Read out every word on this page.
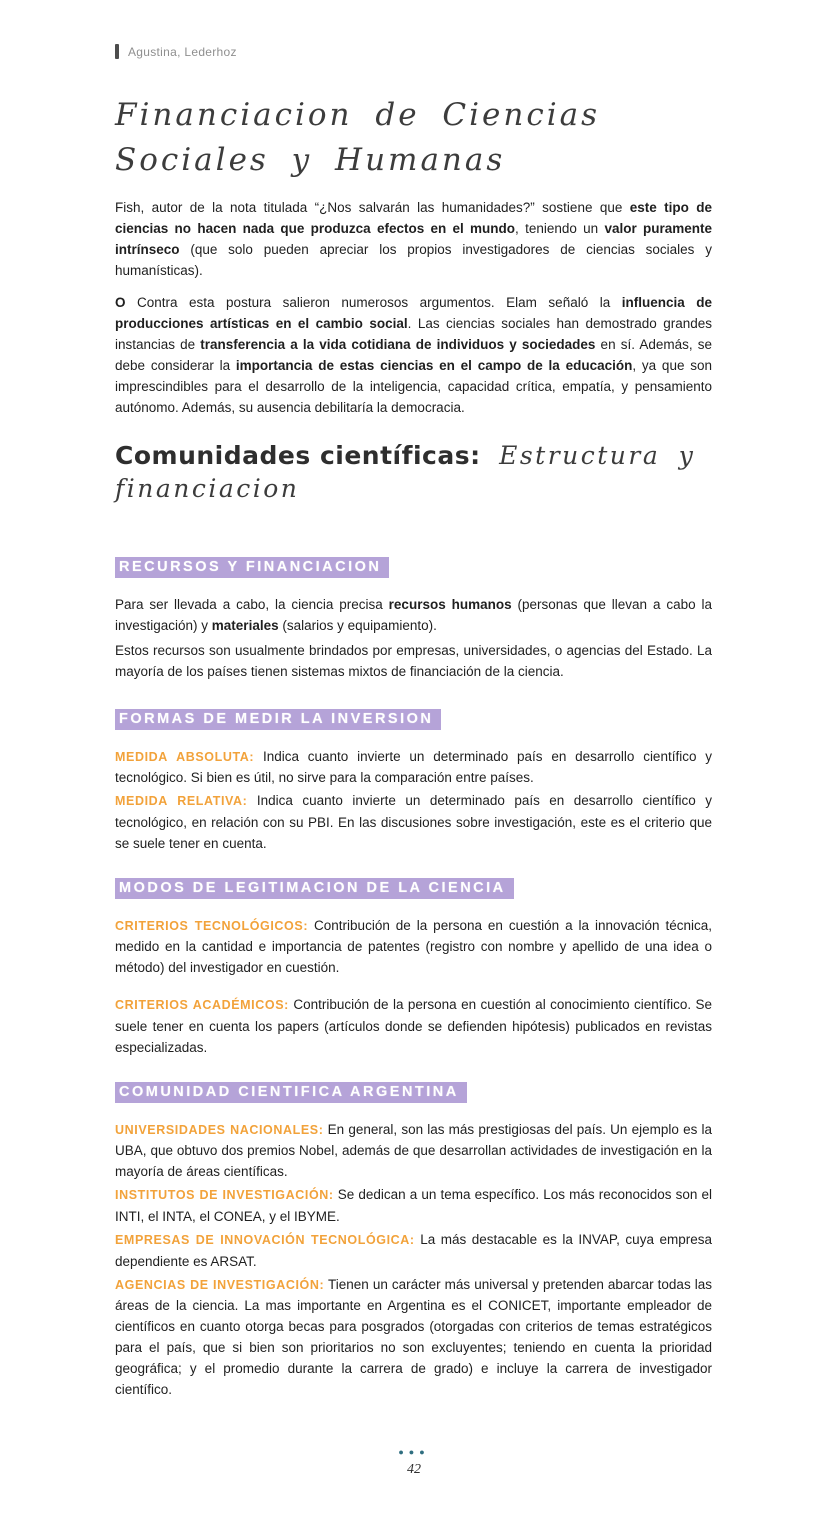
Agustina, Lederhoz
Financiacion de Ciencias Sociales y Humanas

Fish, autor de la nota titulada “¿Nos salvarán las humanidades?” sostiene que este tipo de ciencias no hacen nada que produzca efectos en el mundo, teniendo un valor puramente intrínseco (que solo pueden apreciar los propios investigadores de ciencias sociales y humanísticas).

O Contra esta postura salieron numerosos argumentos. Elam señaló la influencia de producciones artísticas en el cambio social. Las ciencias sociales han demostrado grandes instancias de transferencia a la vida cotidiana de individuos y sociedades en sí. Además, se debe considerar la importancia de estas ciencias en el campo de la educación, ya que son imprescindibles para el desarrollo de la inteligencia, capacidad crítica, empatía, y pensamiento autónomo. Además, su ausencia debilitaría la democracia.

Comunidades científicas: Estructura y financiacion
RECURSOS Y FINANCIACION

Para ser llevada a cabo, la ciencia precisa recursos humanos (personas que llevan a cabo la investigación) y materiales (salarios y equipamiento).

Estos recursos son usualmente brindados por empresas, universidades, o agencias del Estado. La mayoría de los países tienen sistemas mixtos de financiación de la ciencia.

FORMAS DE MEDIR LA INVERSION

MEDIDA ABSOLUTA: Indica cuanto invierte un determinado país en desarrollo científico y tecnológico. Si bien es útil, no sirve para la comparación entre países.

MEDIDA RELATIVA: Indica cuanto invierte un determinado país en desarrollo científico y tecnológico, en relación con su PBI. En las discusiones sobre investigación, este es el criterio que se suele tener en cuenta.

MODOS DE LEGITIMACION DE LA CIENCIA

CRITERIOS TECNOLÓGICOS: Contribución de la persona en cuestión a la innovación técnica, medido en la cantidad e importancia de patentes (registro con nombre y apellido de una idea o método) del investigador en cuestión.

CRITERIOS ACADÉMICOS: Contribución de la persona en cuestión al conocimiento científico. Se suele tener en cuenta los papers (artículos donde se defienden hipótesis) publicados en revistas especializadas.

COMUNIDAD CIENTIFICA ARGENTINA

UNIVERSIDADES NACIONALES: En general, son las más prestigiosas del país. Un ejemplo es la UBA, que obtuvo dos premios Nobel, además de que desarrollan actividades de investigación en la mayoría de áreas científicas.

INSTITUTOS DE INVESTIGACIÓN: Se dedican a un tema específico. Los más reconocidos son el INTI, el INTA, el CONEA, y el IBYME.

EMPRESAS DE INNOVACIÓN TECNOLÓGICA: La más destacable es la INVAP, cuya empresa dependiente es ARSAT.

AGENCIAS DE INVESTIGACIÓN: Tienen un carácter más universal y pretenden abarcar todas las áreas de la ciencia. La mas importante en Argentina es el CONICET, importante empleador de científicos en cuanto otorga becas para posgrados (otorgadas con criterios de temas estratégicos para el país, que si bien son prioritarios no son excluyentes; teniendo en cuenta la prioridad geográfica; y el promedio durante la carrera de grado) e incluye la carrera de investigador científico.

●●●
42
